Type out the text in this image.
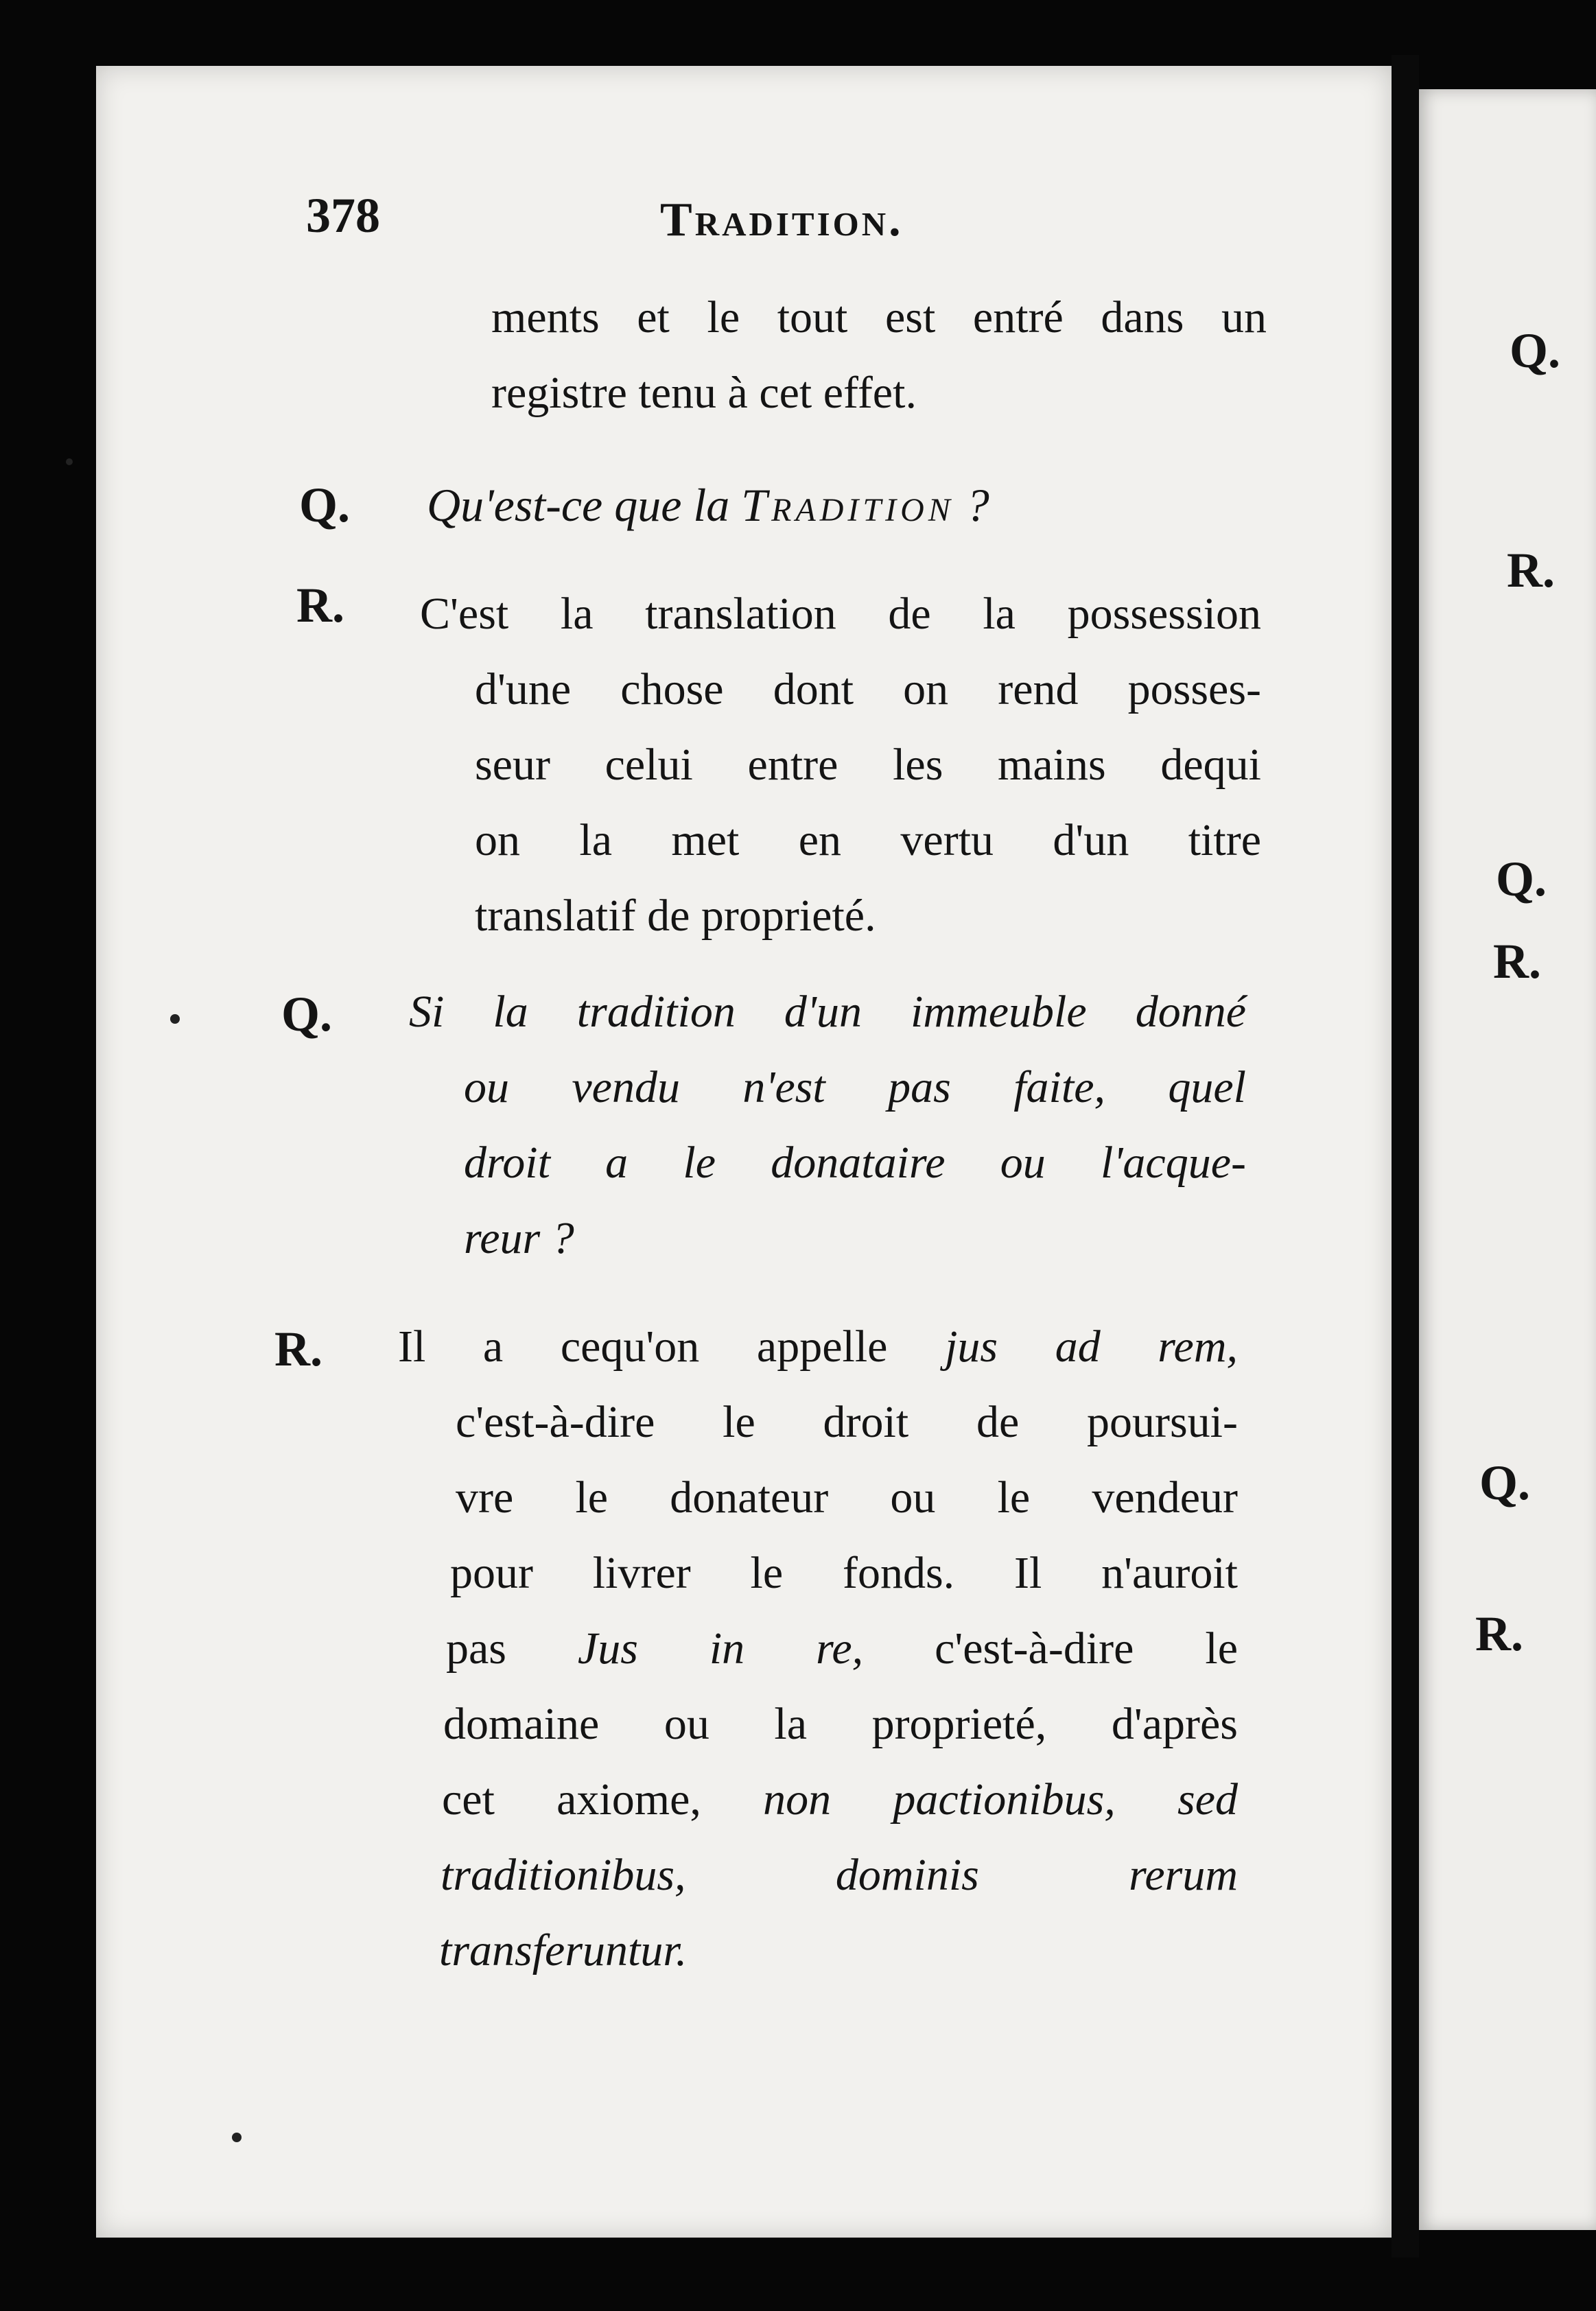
378	Tradition.
ments et le tout est entré dans un
registre tenu à cet effet.
Q. Qu'est-ce que la Tradition ?
R. C'est la translation de la possession
d'une chose dont on rend posses-
seur celui entre les mains dequi
on la met en vertu d'un titre
translatif de proprieté.
Q. Si la tradition d'un immeuble donné
ou vendu n'est pas faite, quel
droit a le donataire ou l'acque-
reur ?
R. Il a cequ'on appelle jus ad rem,
c'est-à-dire le droit de poursui-
vre le donateur ou le vendeur
pour livrer le fonds. Il n'auroit
pas Jus in re, c'est-à-dire le
domaine ou la proprieté, d'après
cet axiome, non pactionibus, sed
traditionibus, dominis rerum
transferuntur.
Q.
R.
Q.
R.
Q.
R.
